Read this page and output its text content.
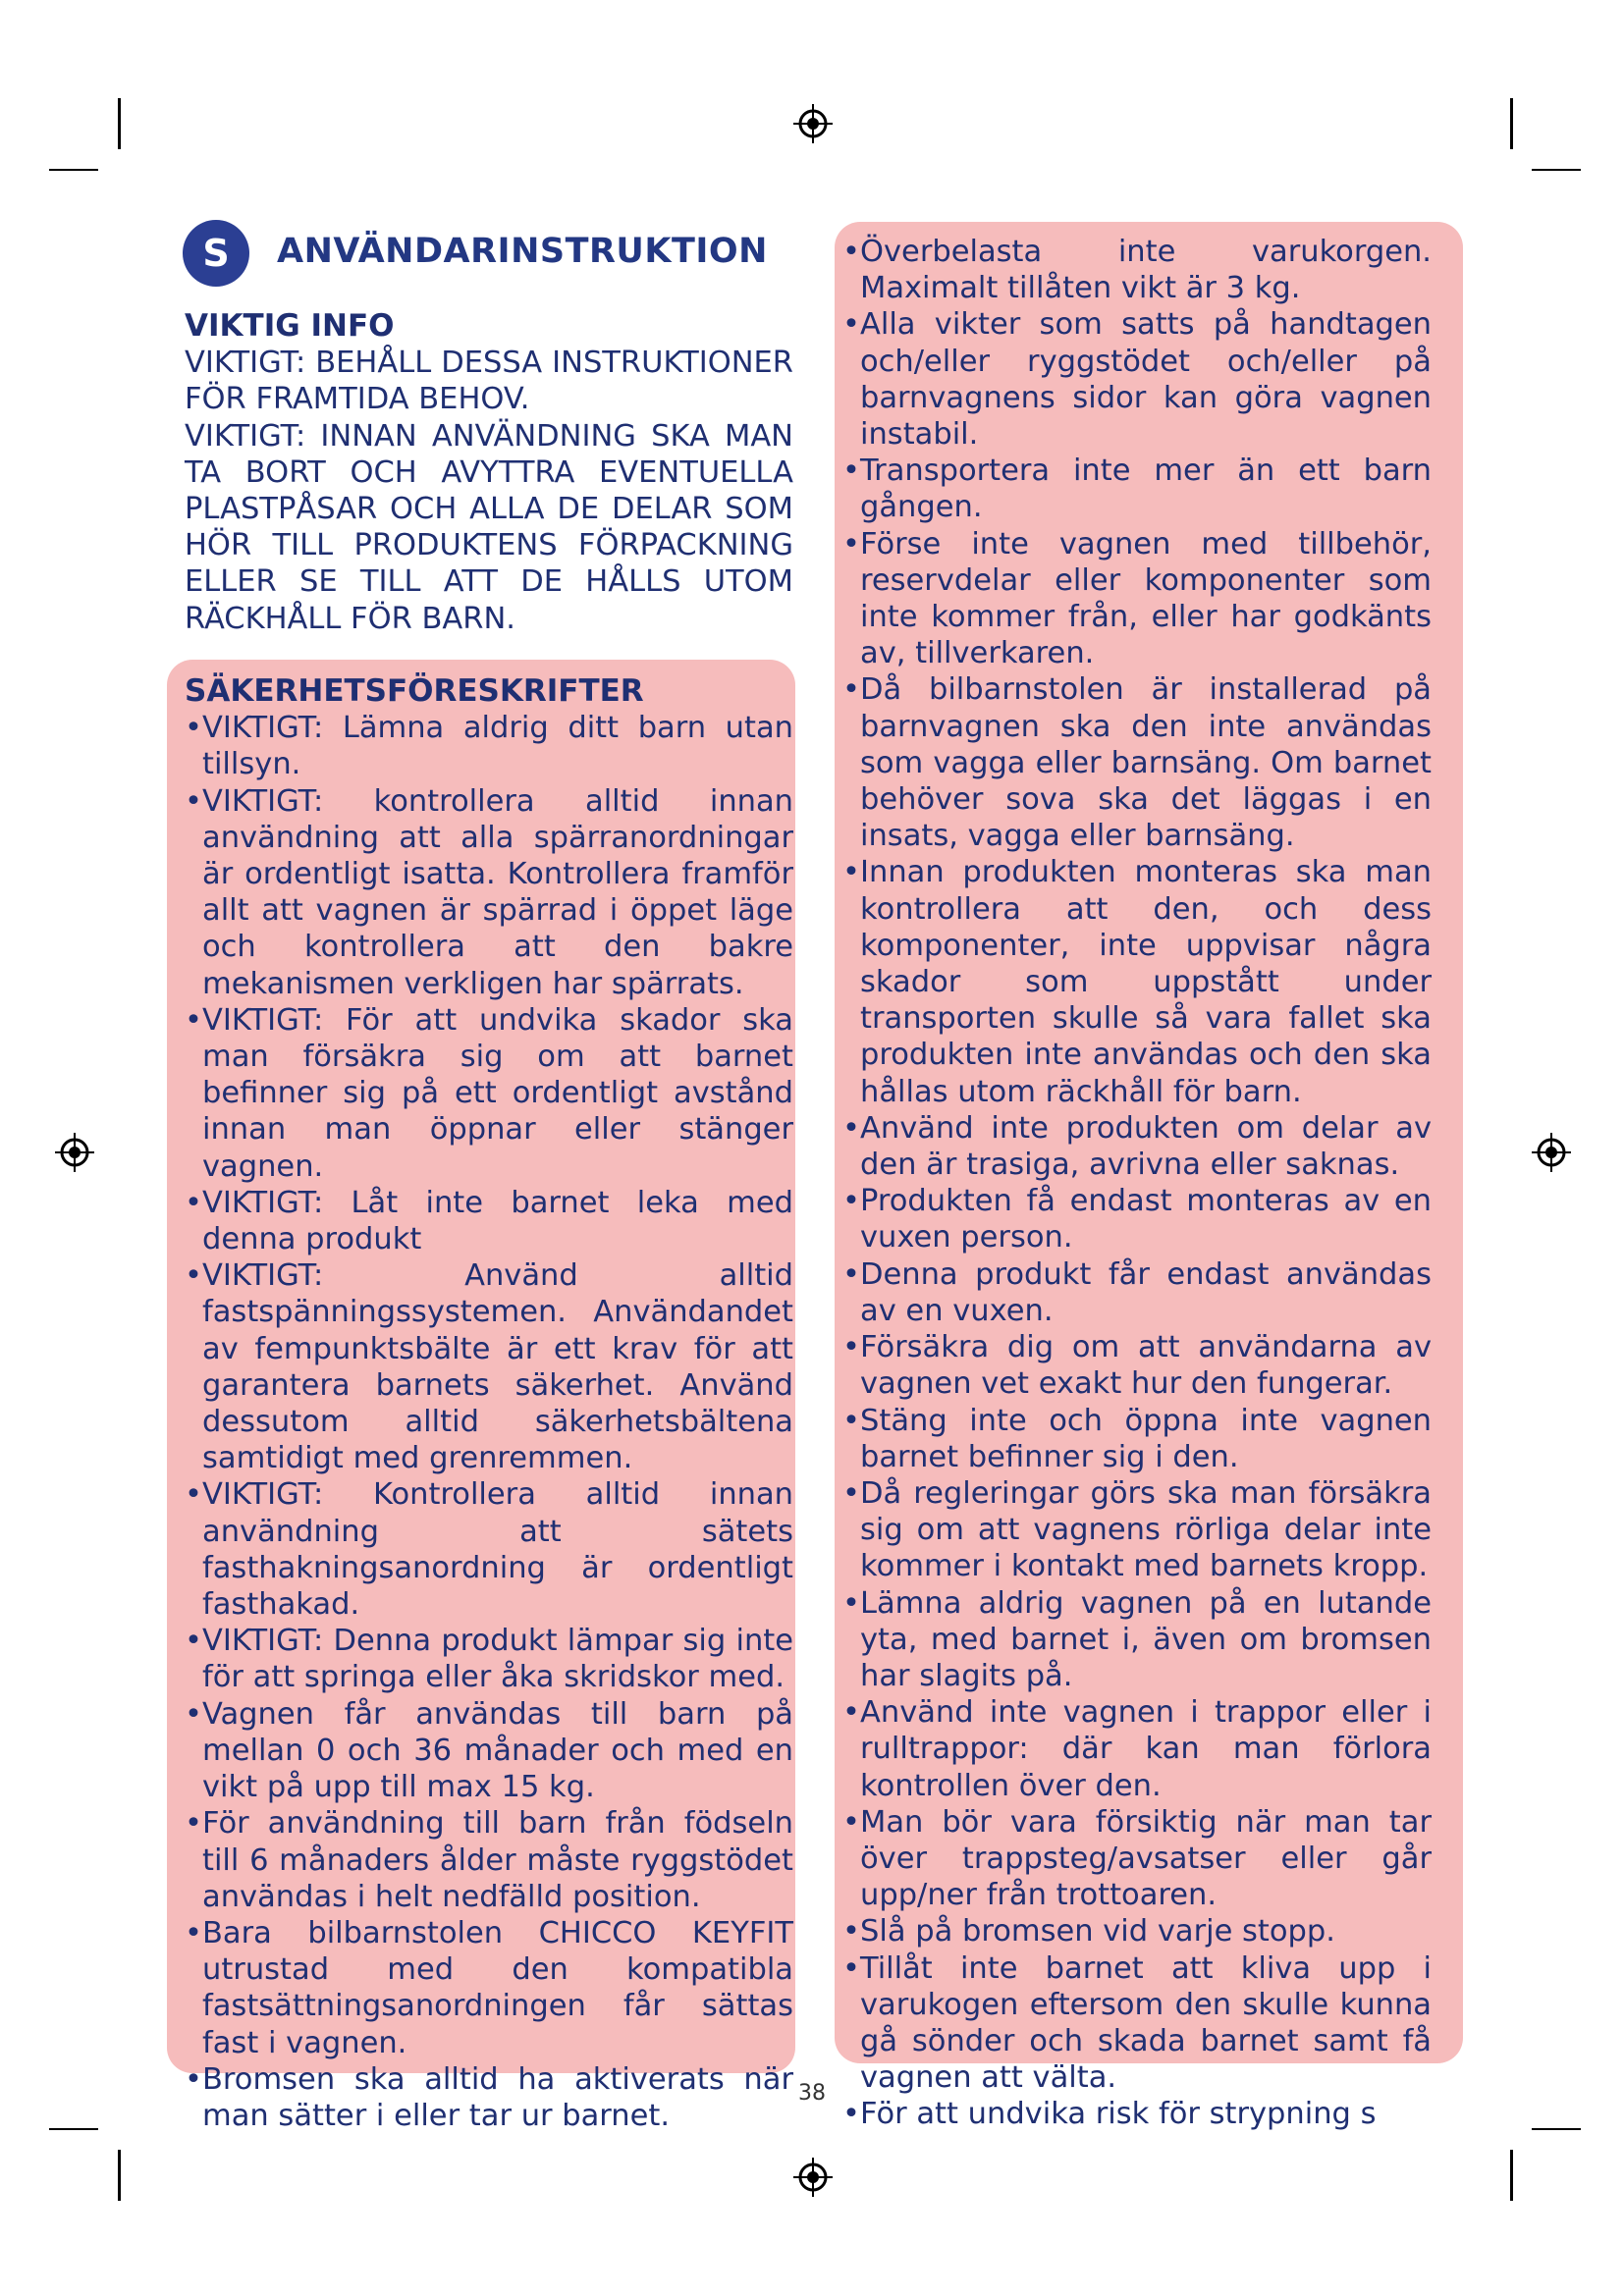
S	ANVÄNDARINSTRUKTION

VIKTIG INFO

VIKTIGT: BEHÅLL DESSA INSTRUKTIONER FÖR FRAMTIDA BEHOV.

VIKTIGT: INNAN ANVÄNDNING SKA MAN TA BORT OCH AVYTTRA EVENTUELLA PLASTPÅSAR OCH ALLA DE DELAR SOM HÖR TILL PRODUKTENS FÖRPACKNING ELLER SE TILL ATT DE HÅLLS UTOM RÄCKHÅLL FÖR BARN.

SÄKERHETSFÖRESKRIFTER

• VIKTIGT: Lämna aldrig ditt barn utan tillsyn.
• VIKTIGT: kontrollera alltid innan användning att alla spärranordningar är ordentligt isatta. Kontrollera framför allt att vagnen är spärrad i öppet läge och kontrollera att den bakre mekanismen verkligen har spärrats.
• VIKTIGT: För att undvika skador ska man försäkra sig om att barnet befinner sig på ett ordentligt avstånd innan man öppnar eller stänger vagnen.
• VIKTIGT: Låt inte barnet leka med denna produkt
• VIKTIGT: Använd alltid fastspänningssystemen. Användandet av fempunktsbälte är ett krav för att garantera barnets säkerhet. Använd dessutom alltid säkerhetsbältena samtidigt med grenremmen.
• VIKTIGT: Kontrollera alltid innan användning att sätets fasthakningsanordning är ordentligt fasthakad.
• VIKTIGT: Denna produkt lämpar sig inte för att springa eller åka skridskor med.
• Vagnen får användas till barn på mellan 0 och 36 månader och med en vikt på upp till max 15 kg.
• För användning till barn från födseln till 6 månaders ålder måste ryggstödet användas i helt nedfälld position.
• Bara bilbarnstolen CHICCO KEYFIT utrustad med den kompatibla fastsättningsanordningen får sättas fast i vagnen.
• Bromsen ska alltid ha aktiverats när man sätter i eller tar ur barnet.
• Överbelasta inte varukorgen. Maximalt tillåten vikt är 3 kg.
• Alla vikter som satts på handtagen och/eller ryggstödet och/eller på barnvagnens sidor kan göra vagnen instabil.
• Transportera inte mer än ett barn gången.
• Förse inte vagnen med tillbehör, reservdelar eller komponenter som inte kommer från, eller har godkänts av, tillverkaren.
• Då bilbarnstolen är installerad på barnvagnen ska den inte användas som vagga eller barnsäng. Om barnet behöver sova ska det läggas i en insats, vagga eller barnsäng.
• Innan produkten monteras ska man kontrollera att den, och dess komponenter, inte uppvisar några skador som uppstått under transporten skulle så vara fallet ska produkten inte användas och den ska hållas utom räckhåll för barn.
• Använd inte produkten om delar av den är trasiga, avrivna eller saknas.
• Produkten få endast monteras av en vuxen person.
• Denna produkt får endast användas av en vuxen.
• Försäkra dig om att användarna av vagnen vet exakt hur den fungerar.
• Stäng inte och öppna inte vagnen barnet befinner sig i den.
• Då regleringar görs ska man försäkra sig om att vagnens rörliga delar inte kommer i kontakt med barnets kropp.
• Lämna aldrig vagnen på en lutande yta, med barnet i, även om bromsen har slagits på.
• Använd inte vagnen i trappor eller i rulltrappor: där kan man förlora kontrollen över den.
• Man bör vara försiktig när man tar över trappsteg/avsatser eller går upp/ner från trottoaren.
• Slå på bromsen vid varje stopp.
• Tillåt inte barnet att kliva upp i varukogen eftersom den skulle kunna gå sönder och skada barnet samt få vagnen att välta.
• För att undvika risk för strypning s
38
